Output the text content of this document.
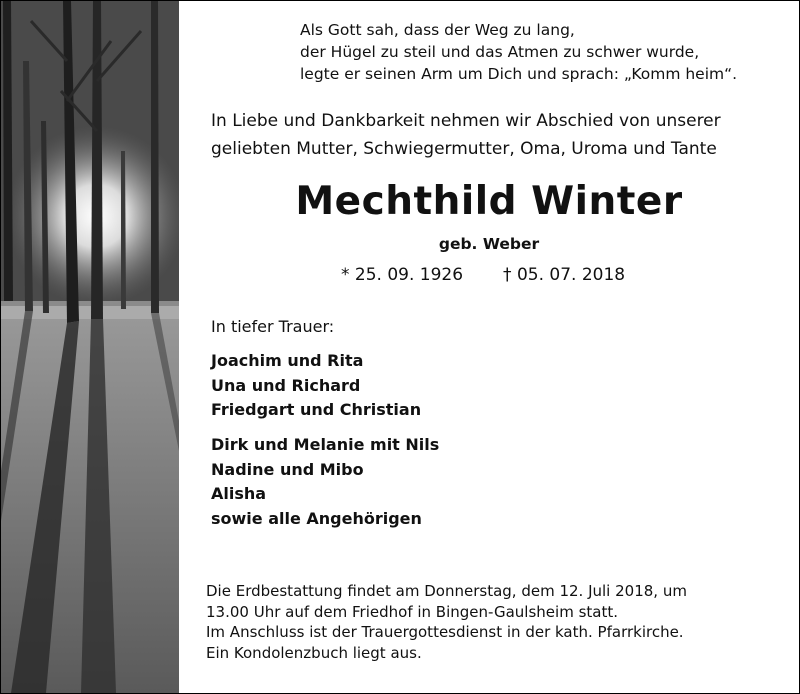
Als Gott sah, dass der Weg zu lang,
der Hügel zu steil und das Atmen zu schwer wurde,
legte er seinen Arm um Dich und sprach: „Komm heim“.
In Liebe und Dankbarkeit nehmen wir Abschied von unserer
geliebten Mutter, Schwiegermutter, Oma, Uroma und Tante
Mechthild Winter
geb. Weber
* 25. 09. 1926 † 05. 07. 2018
In tiefer Trauer:
Joachim und Rita
Una und Richard
Friedgart und Christian
Dirk und Melanie mit Nils
Nadine und Mibo
Alisha
sowie alle Angehörigen
Die Erdbestattung findet am Donnerstag, dem 12. Juli 2018, um
13.00 Uhr auf dem Friedhof in Bingen-Gaulsheim statt.
Im Anschluss ist der Trauergottesdienst in der kath. Pfarrkirche.
Ein Kondolenzbuch liegt aus.
